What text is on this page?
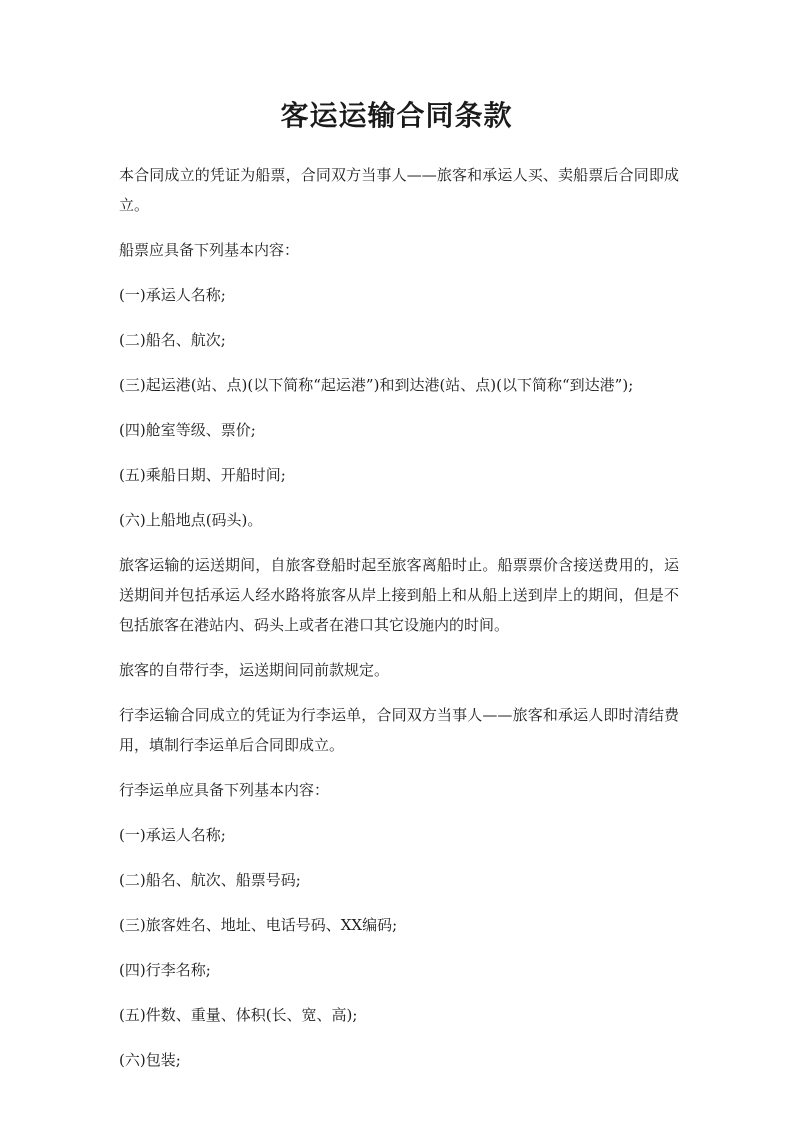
客运运输合同条款

本合同成立的凭证为船票，合同双方当事人——旅客和承运人买、卖船票后合同即成立。

船票应具备下列基本内容：

(一)承运人名称;

(二)船名、航次;

(三)起运港(站、点)(以下简称“起运港”)和到达港(站、点)(以下简称“到达港”);

(四)舱室等级、票价;

(五)乘船日期、开船时间;

(六)上船地点(码头)。

旅客运输的运送期间，自旅客登船时起至旅客离船时止。船票票价含接送费用的，运送期间并包括承运人经水路将旅客从岸上接到船上和从船上送到岸上的期间，但是不包括旅客在港站内、码头上或者在港口其它设施内的时间。

旅客的自带行李，运送期间同前款规定。

行李运输合同成立的凭证为行李运单，合同双方当事人——旅客和承运人即时清结费用，填制行李运单后合同即成立。

行李运单应具备下列基本内容：

(一)承运人名称;

(二)船名、航次、船票号码;

(三)旅客姓名、地址、电话号码、XX编码;

(四)行李名称;

(五)件数、重量、体积(长、宽、高);

(六)包装;
